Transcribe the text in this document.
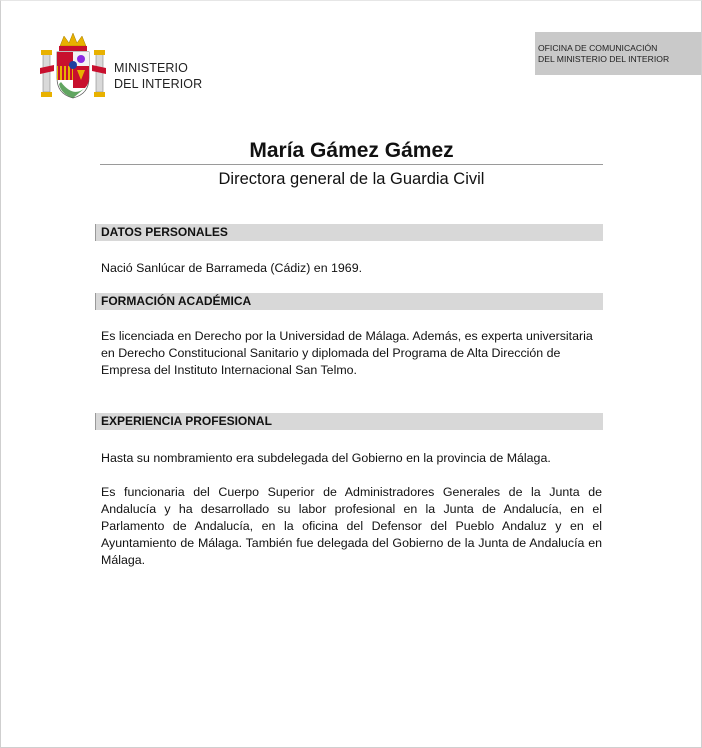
MINISTERIO
DEL INTERIOR
OFICINA DE COMUNICACIÓN
DEL MINISTERIO DEL INTERIOR
María Gámez Gámez
Directora general de la Guardia Civil
DATOS PERSONALES
Nació Sanlúcar de Barrameda (Cádiz) en 1969.
FORMACIÓN ACADÉMICA
Es licenciada en Derecho por la Universidad de Málaga. Además, es experta universitaria en Derecho Constitucional Sanitario y diplomada del Programa de Alta Dirección de Empresa del Instituto Internacional San Telmo.
EXPERIENCIA PROFESIONAL
Hasta su nombramiento era subdelegada del Gobierno en la provincia de Málaga.
Es funcionaria del Cuerpo Superior de Administradores Generales de la Junta de Andalucía y ha desarrollado su labor profesional en la Junta de Andalucía, en el Parlamento de Andalucía, en la oficina del Defensor del Pueblo Andaluz y en el Ayuntamiento de Málaga. También fue delegada del Gobierno de la Junta de Andalucía en Málaga.
